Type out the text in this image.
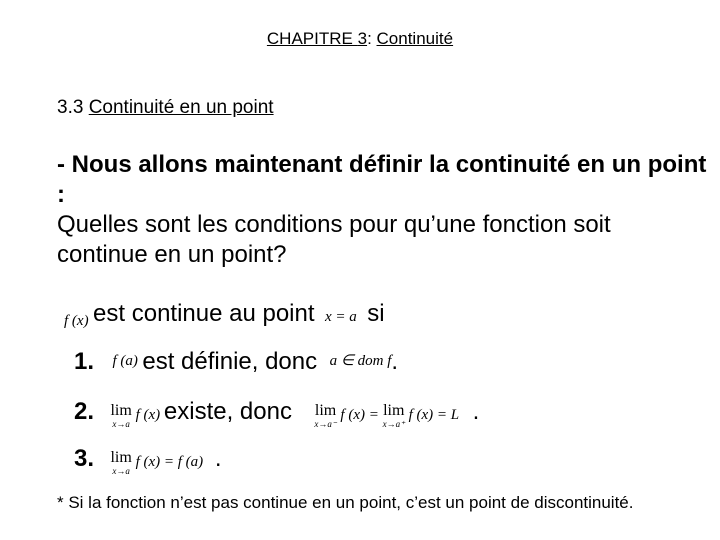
CHAPITRE 3: Continuité
3.3 Continuité en un point
- Nous allons maintenant définir la continuité en un point :
Quelles sont les conditions pour qu’une fonction soit continue en un point?
f (x) est continue au point x = a si
1. f (a) est définie, donc a ∈ dom f.
2. lim
x→a
f (x) existe, donc lim
x→a⁻
f (x) = lim
x→a⁺
f (x) = L .
3. lim
x→a
f (x) = f (a) .
* Si la fonction n’est pas continue en un point, c’est un point de discontinuité.
